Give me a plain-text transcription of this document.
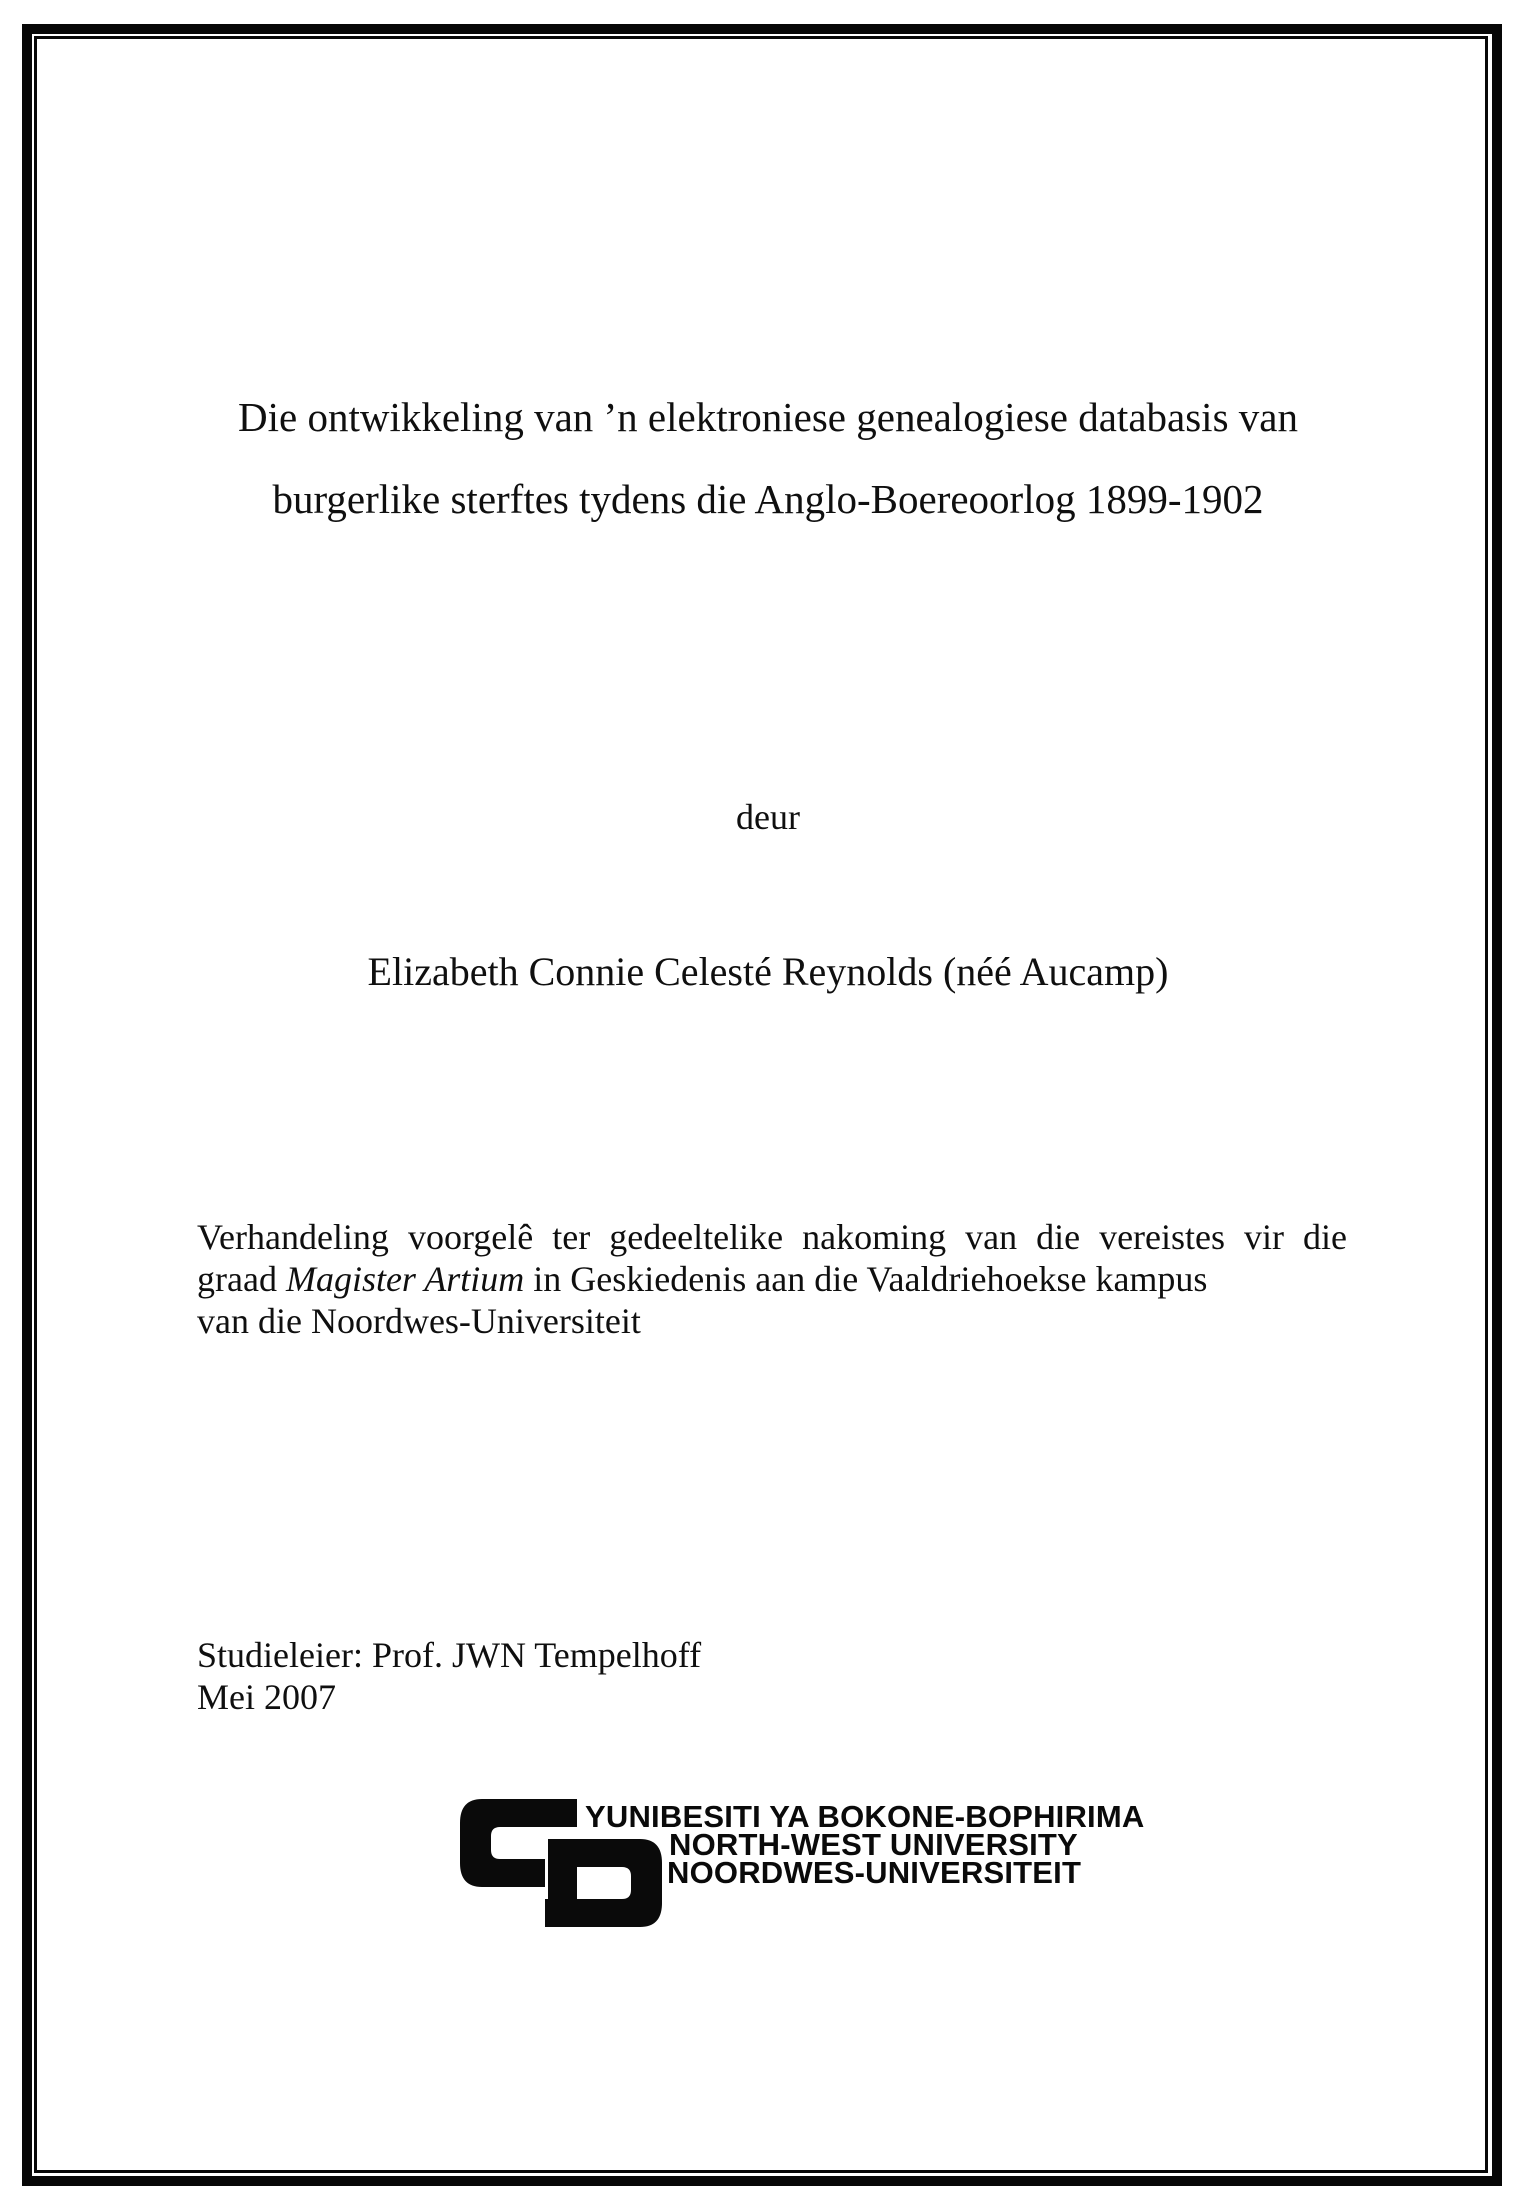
Die ontwikkeling van ’n elektroniese genealogiese databasis van
burgerlike sterftes tydens die Anglo-Boereoorlog 1899-1902

deur

Elizabeth Connie Celesté Reynolds (néé Aucamp)

Verhandeling voorgelê ter gedeeltelike nakoming van die vereistes vir die
graad Magister Artium in Geskiedenis aan die Vaaldriehoekse kampus
van die Noordwes-Universiteit

Studieleier: Prof. JWN Tempelhoff
Mei 2007

YUNIBESITI YA BOKONE-BOPHIRIMA
NORTH-WEST UNIVERSITY
NOORDWES-UNIVERSITEIT
